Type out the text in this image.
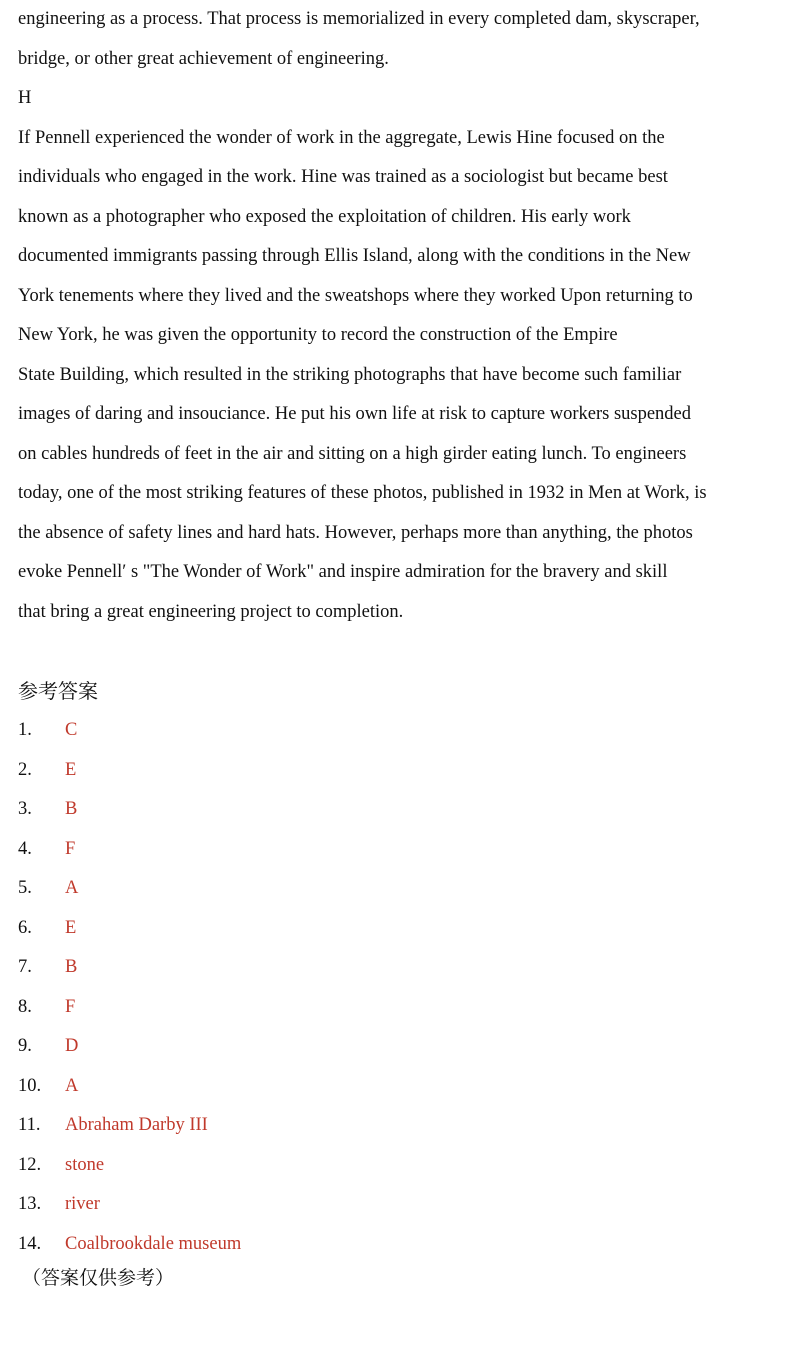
engineering as a process. That process is memorialized in every completed dam, skyscraper,
bridge, or other great achievement of engineering.
H
If Pennell experienced the wonder of work in the aggregate, Lewis Hine focused on the
individuals who engaged in the work. Hine was trained as a sociologist but became best
known as a photographer who exposed the exploitation of children. His early work
documented immigrants passing through Ellis Island, along with the conditions in the New
York tenements where they lived and the sweatshops where they worked Upon returning to
New York, he was given the opportunity to record the construction of the Empire
State Building, which resulted in the striking photographs that have become such familiar
images of daring and insouciance. He put his own life at risk to capture workers suspended
on cables hundreds of feet in the air and sitting on a high girder eating lunch. To engineers
today, one of the most striking features of these photos, published in 1932 in Men at Work, is
the absence of safety lines and hard hats. However, perhaps more than anything, the photos
evoke Pennell′ s "The Wonder of Work" and inspire admiration for the bravery and skill
that bring a great engineering project to completion.
参考答案
1.	C
2.	E
3.	B
4.	F
5.	A
6.	E
7.	B
8.	F
9.	D
10.	A
11.	Abraham Darby III
12.	stone
13.	river
14.	Coalbrookdale museum
（答案仅供参考）
